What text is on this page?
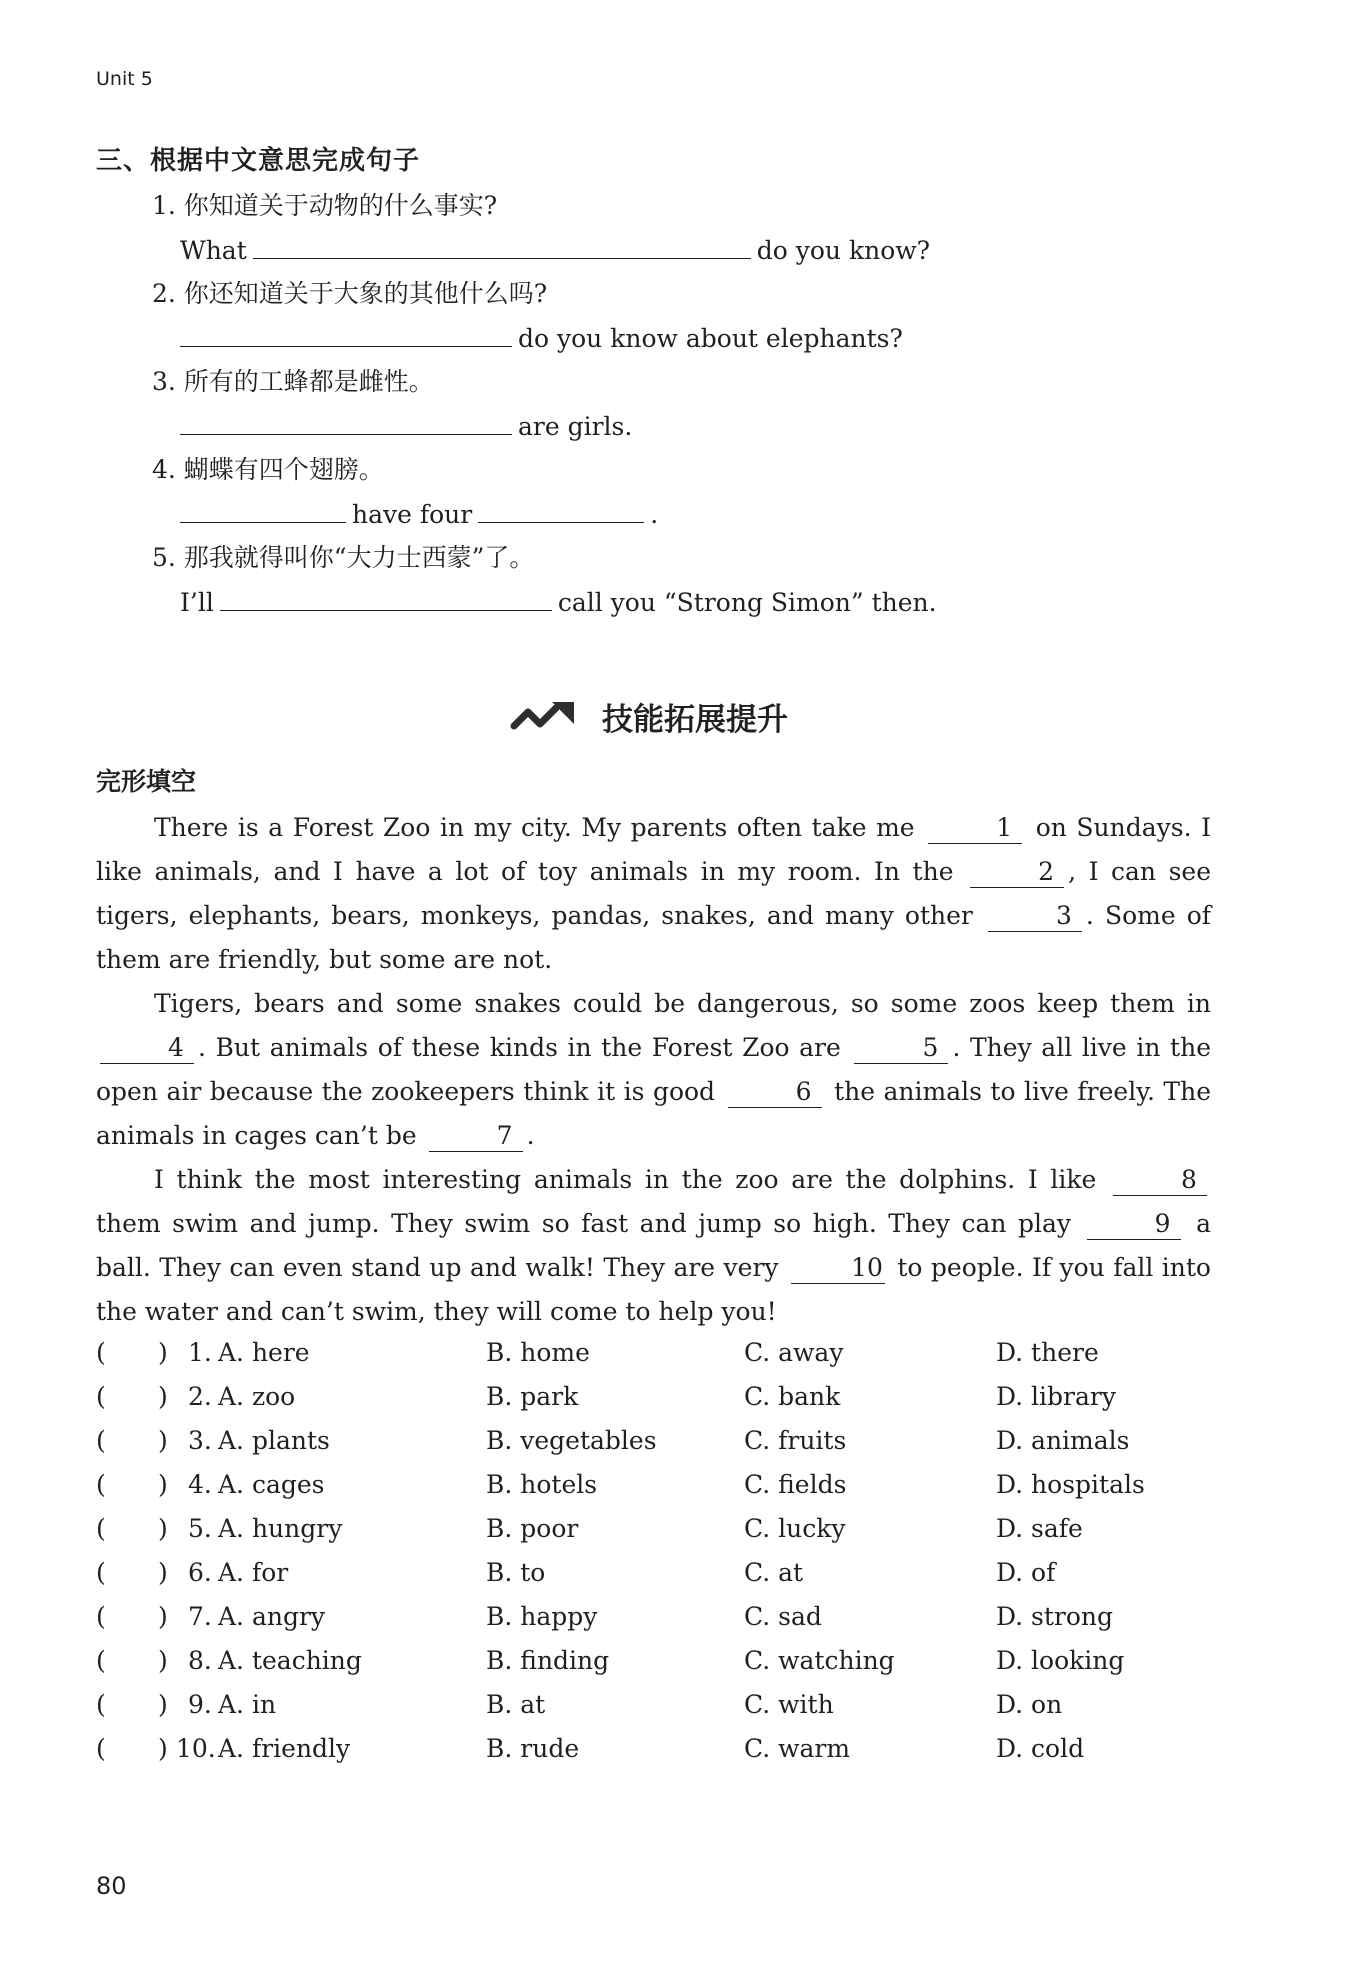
Unit 5
三、根据中文意思完成句子
1. 你知道关于动物的什么事实?
What	do you know?
2. 你还知道关于大象的其他什么吗?
do you know about elephants?
3. 所有的工蜂都是雌性。
are girls.
4. 蝴蝶有四个翅膀。
have four	.
5. 那我就得叫你“大力士西蒙”了。
I’ll	call you “Strong Simon” then.
技能拓展提升
完形填空

There is a Forest Zoo in my city. My parents often take me	1 on Sundays. I like animals, and I have a lot of toy animals in my room. In the	2 , I can see tigers, elephants, bears, monkeys, pandas, snakes, and many other	3 . Some of them are friendly, but some are not.

Tigers, bears and some snakes could be dangerous, so some zoos keep them in 4 . But animals of these kinds in the Forest Zoo are	5 . They all live in the open air because the zookeepers think it is good	6 the animals to live freely. The animals in cages can’t be	7 .

I think the most interesting animals in the zoo are the dolphins. I like	8 them swim and jump. They swim so fast and jump so high. They can play	9 a ball. They can even stand up and walk! They are very	10 to people. If you fall into the water and can’t swim, they will come to help you!

( ) 1. A. here	B. home	C. away	D. there
( ) 2. A. zoo	B. park	C. bank	D. library
( ) 3. A. plants	B. vegetables	C. fruits	D. animals
( ) 4. A. cages	B. hotels	C. fields	D. hospitals
( ) 5. A. hungry	B. poor	C. lucky	D. safe
( ) 6. A. for	B. to	C. at	D. of
( ) 7. A. angry	B. happy	C. sad	D. strong
( ) 8. A. teaching	B. finding	C. watching	D. looking
( ) 9. A. in	B. at	C. with	D. on
( ) 10. A. friendly	B. rude	C. warm	D. cold
80
